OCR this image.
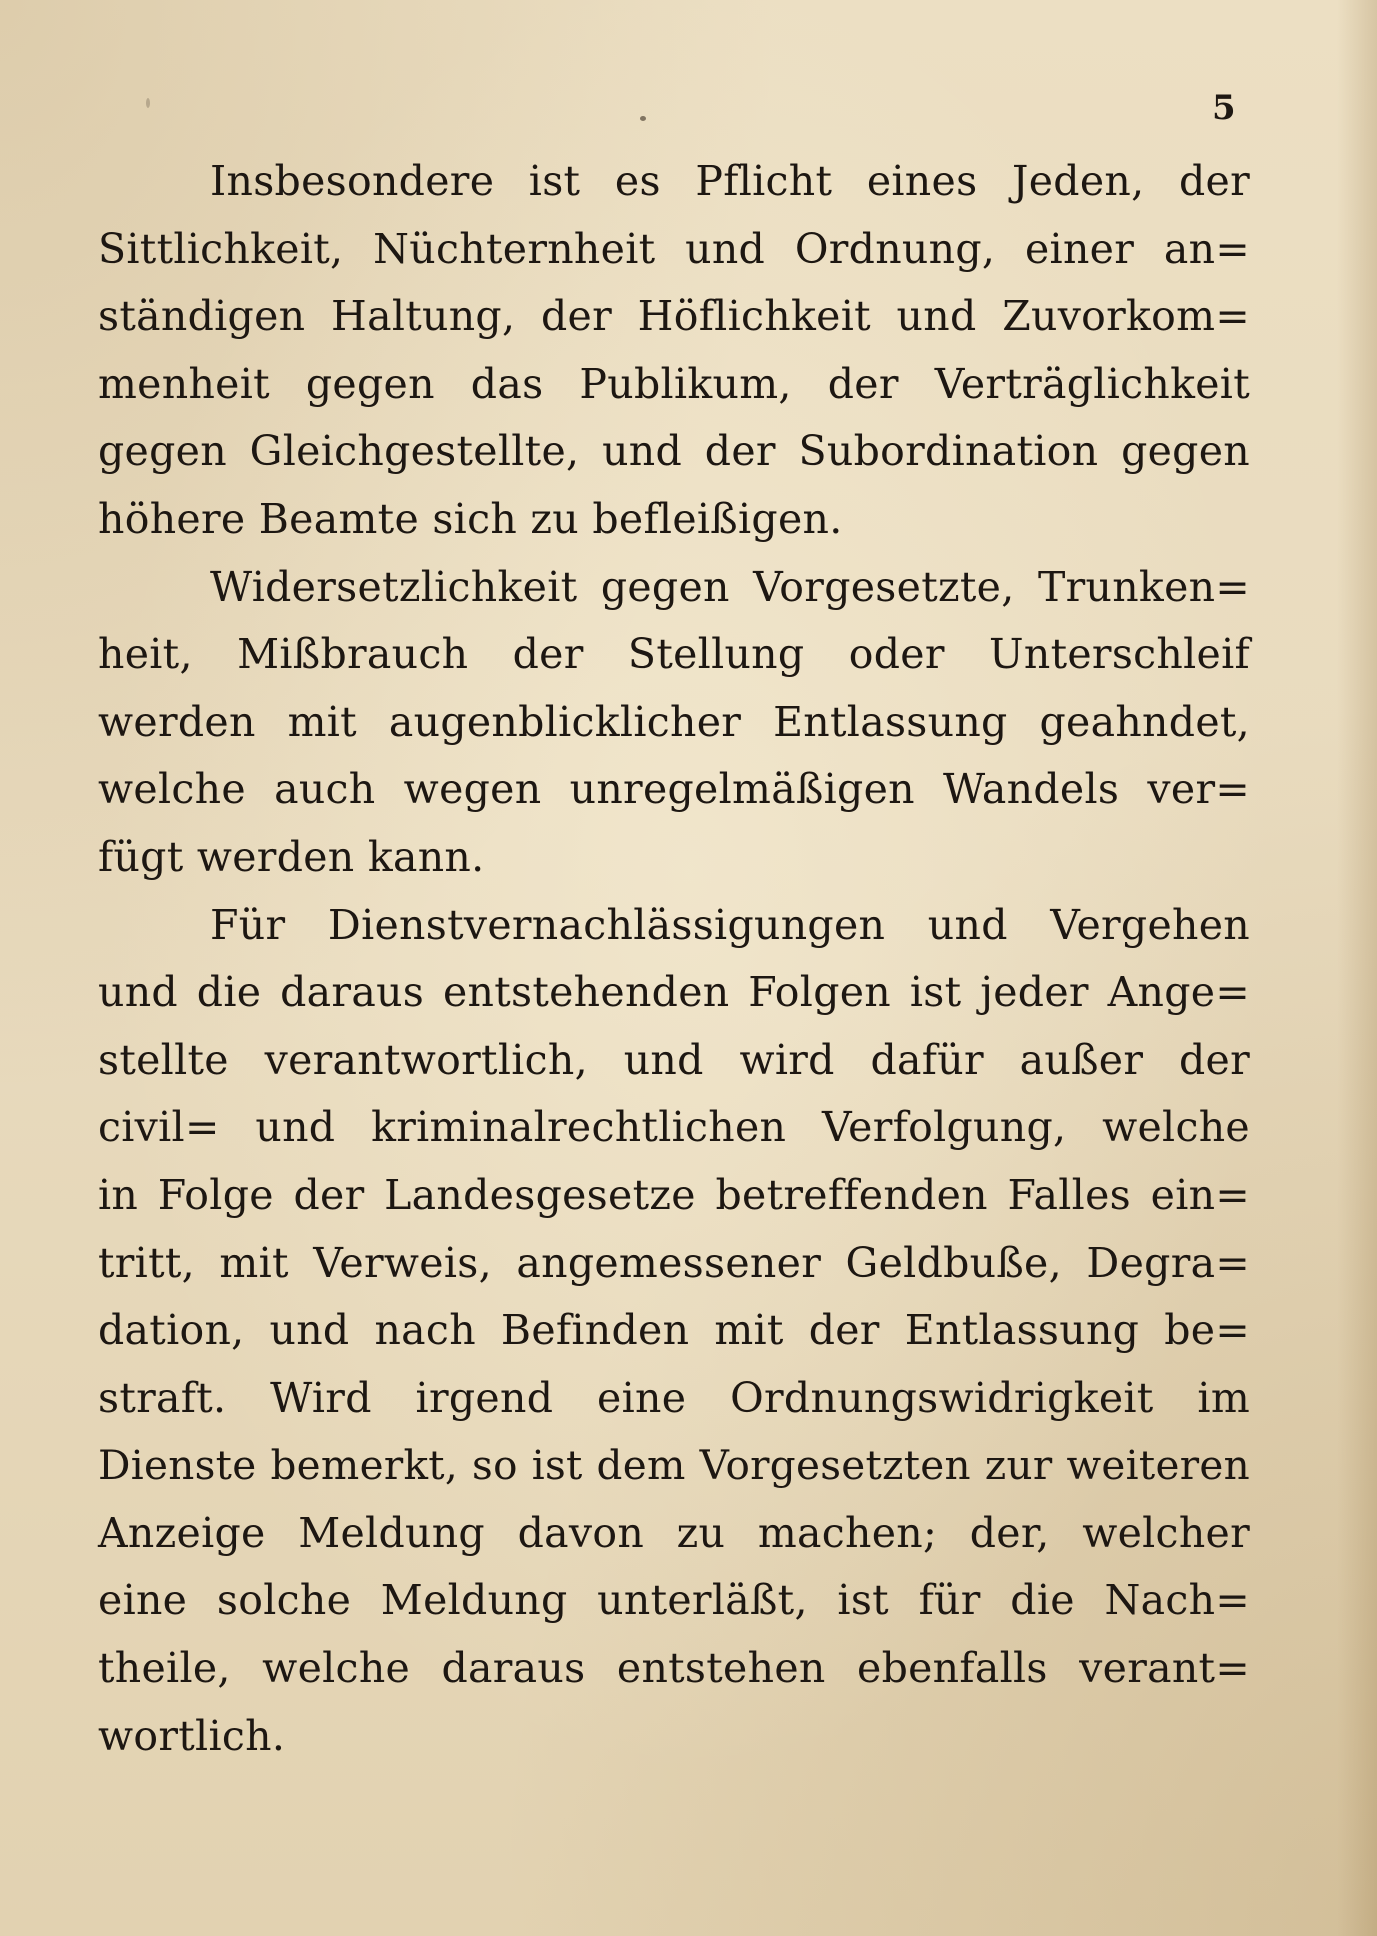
5

Insbesondere ist es Pflicht eines Jeden, der
Sittlichkeit, Nüchternheit und Ordnung, einer an=
ständigen Haltung, der Höflichkeit und Zuvorkom=
menheit gegen das Publikum, der Verträglichkeit
gegen Gleichgestellte, und der Subordination gegen
höhere Beamte sich zu befleißigen.

Widersetzlichkeit gegen Vorgesetzte, Trunken=
heit, Mißbrauch der Stellung oder Unterschleif
werden mit augenblicklicher Entlassung geahndet,
welche auch wegen unregelmäßigen Wandels ver=
fügt werden kann.

Für Dienstvernachlässigungen und Vergehen
und die daraus entstehenden Folgen ist jeder Ange=
stellte verantwortlich, und wird dafür außer der
civil= und kriminalrechtlichen Verfolgung, welche
in Folge der Landesgesetze betreffenden Falles ein=
tritt, mit Verweis, angemessener Geldbuße, Degra=
dation, und nach Befinden mit der Entlassung be=
straft. Wird irgend eine Ordnungswidrigkeit im
Dienste bemerkt, so ist dem Vorgesetzten zur weiteren
Anzeige Meldung davon zu machen; der, welcher
eine solche Meldung unterläßt, ist für die Nach=
theile, welche daraus entstehen ebenfalls verant=
wortlich.
